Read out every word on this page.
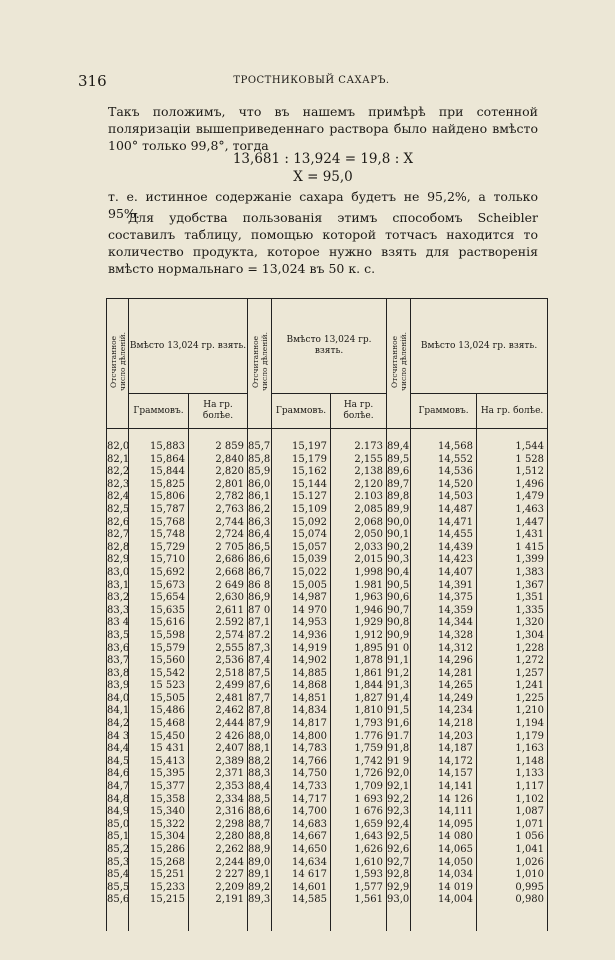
316	ТРОСТНИКОВЫЙ САХАРЪ.
Такъ положимъ, что въ нашемъ примѣрѣ при сотенной поляризаціи вышеприведеннаго раствора было найдено вмѣсто 100° только 99,8°, тогда
13,681 : 13,924 = 19,8 : X
X = 95,0
т. е. истинное содержаніе сахара будетъ не 95,2%, а только 95%.
Для удобства пользованія этимъ способомъ Scheibler составилъ таблицу, помощью которой тотчасъ находится то количество продукта, которое нужно взять для растворенія вмѣсто нормальнаго = 13,024 въ 50 к. с.
Отсчитанное
число дѣленій.	Вмѣсто 13,024 гр. взять.		Отсчитанное
число дѣленій.	Вмѣсто 13,024 гр. взять.		Отсчитанное
число дѣленій.	Вмѣсто 13,024 гр. взять.	
	Граммовъ.	На гр. болѣе.		Граммовъ.	На гр. болѣе.		Граммовъ.	На гр. болѣе.
82,0	15,883	2 859	85,7	15,197	2.173	89,4	14,568	1,544
82,1	15,864	2,840	85,8	15,179	2,155	89,5	14,552	1 528
82,2	15,844	2,820	85,9	15,162	2,138	89,6	14,536	1,512
82,3	15,825	2,801	86,0	15,144	2,120	89,7	14,520	1,496
82,4	15,806	2,782	86,1	15.127	2.103	89,8	14,503	1,479
82,5	15,787	2,763	86,2	15,109	2,085	89,9	14,487	1,463
82,6	15,768	2,744	86,3	15,092	2,068	90,0	14,471	1,447
82,7	15,748	2,724	86,4	15,074	2,050	90,1	14,455	1,431
82,8	15,729	2 705	86,5	15,057	2,033	90,2	14,439	1 415
82,9	15,710	2,686	86,6	15,039	2,015	90,3	14,423	1,399
83,0	15,692	2,668	86,7	15,022	1,998	90,4	14,407	1,383
83,1	15,673	2 649	86 8	15,005	1.981	90,5	14,391	1,367
83,2	15,654	2,630	86,9	14,987	1,963	90,6	14,375	1,351
83,3	15,635	2,611	87 0	14 970	1,946	90,7	14,359	1,335
83 4	15,616	2.592	87,1	14,953	1,929	90,8	14,344	1,320
83,5	15,598	2,574	87.2	14,936	1,912	90,9	14,328	1,304
83,6	15,579	2,555	87,3	14,919	1,895	91 0	14,312	1,228
83,7	15,560	2,536	87,4	14,902	1,878	91,1	14,296	1,272
83,8	15,542	2,518	87,5	14,885	1,861	91,2	14,281	1,257
83,9	15 523	2,499	87,6	14,868	1,844	91,3	14,265	1,241
84,0	15,505	2,481	87,7	14,851	1,827	91,4	14,249	1,225
84,1	15,486	2,462	87,8	14,834	1,810	91,5	14,234	1,210
84,2	15,468	2,444	87,9	14,817	1,793	91,6	14,218	1,194
84 3	15,450	2 426	88,0	14,800	1.776	91.7	14,203	1,179
84,4	15 431	2,407	88,1	14,783	1,759	91,8	14,187	1,163
84,5	15,413	2,389	88,2	14,766	1,742	91 9	14,172	1,148
84,6	15,395	2,371	88,3	14,750	1,726	92,0	14,157	1,133
84,7	15,377	2,353	88,4	14,733	1,709	92,1	14,141	1,117
84,8	15,358	2,334	88,5	14,717	1 693	92,2	14 126	1,102
84,9	15,340	2,316	88,6	14,700	1 676	92,3	14,111	1,087
85,0	15,322	2,298	88,7	14,683	1,659	92,4	14,095	1,071
85,1	15,304	2,280	88,8	14,667	1,643	92,5	14 080	1 056
85,2	15,286	2,262	88,9	14,650	1,626	92,6	14,065	1,041
85,3	15,268	2,244	89,0	14,634	1,610	92,7	14,050	1,026
85,4	15,251	2 227	89,1	14 617	1,593	92,8	14,034	1,010
85,5	15,233	2,209	89,2	14,601	1,577	92,9	14 019	0,995
85,6	15,215	2,191	89,3	14,585	1,561	93,0	14,004	0,980
